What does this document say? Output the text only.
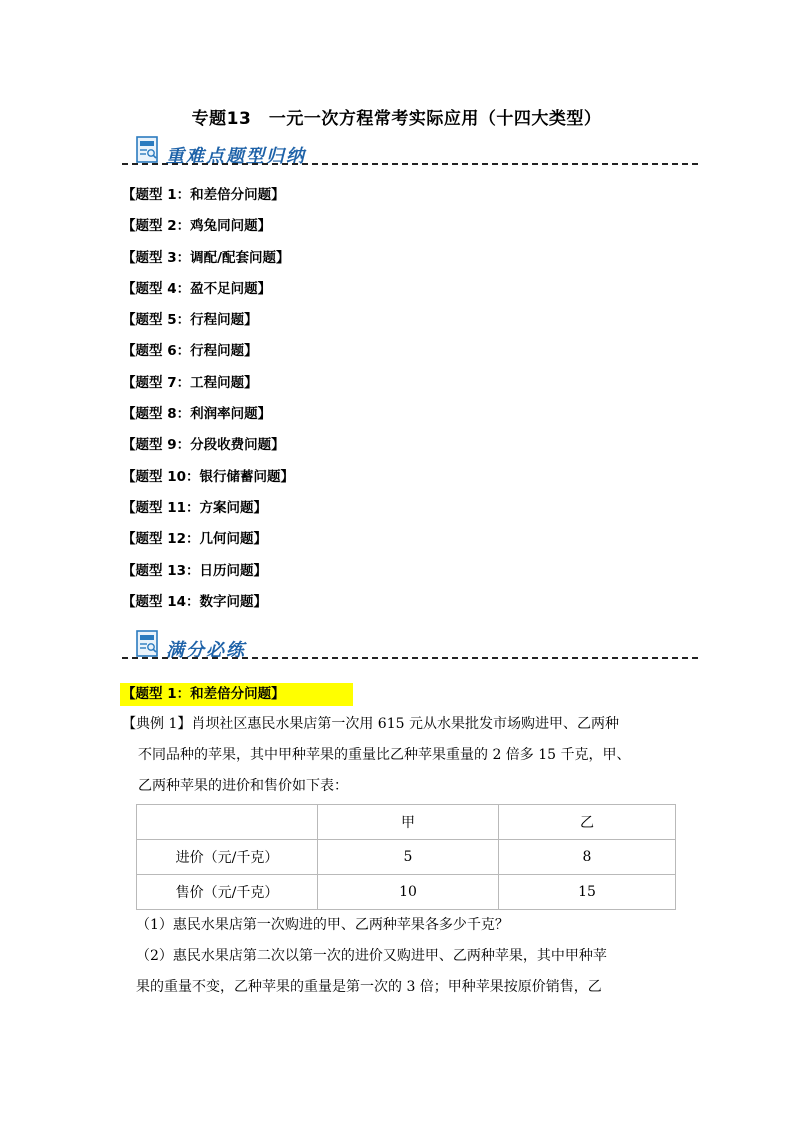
专题13　一元一次方程常考实际应用（十四大类型）
重难点题型归纳
【题型 1：和差倍分问题】
【题型 2：鸡兔同问题】
【题型 3：调配/配套问题】
【题型 4：盈不足问题】
【题型 5：行程问题】
【题型 6：行程问题】
【题型 7：工程问题】
【题型 8：利润率问题】
【题型 9：分段收费问题】
【题型 10：银行储蓄问题】
【题型 11：方案问题】
【题型 12：几何问题】
【题型 13：日历问题】
【题型 14：数字问题】
满分必练
【题型 1：和差倍分问题】
【典例 1】肖坝社区惠民水果店第一次用 615 元从水果批发市场购进甲、乙两种
不同品种的苹果，其中甲种苹果的重量比乙种苹果重量的 2 倍多 15 千克，甲、
乙两种苹果的进价和售价如下表：
	甲	乙
进价（元/千克）	5	8
售价（元/千克）	10	15
（1）惠民水果店第一次购进的甲、乙两种苹果各多少千克？
（2）惠民水果店第二次以第一次的进价又购进甲、乙两种苹果，其中甲种苹
果的重量不变，乙种苹果的重量是第一次的 3 倍；甲种苹果按原价销售，乙
